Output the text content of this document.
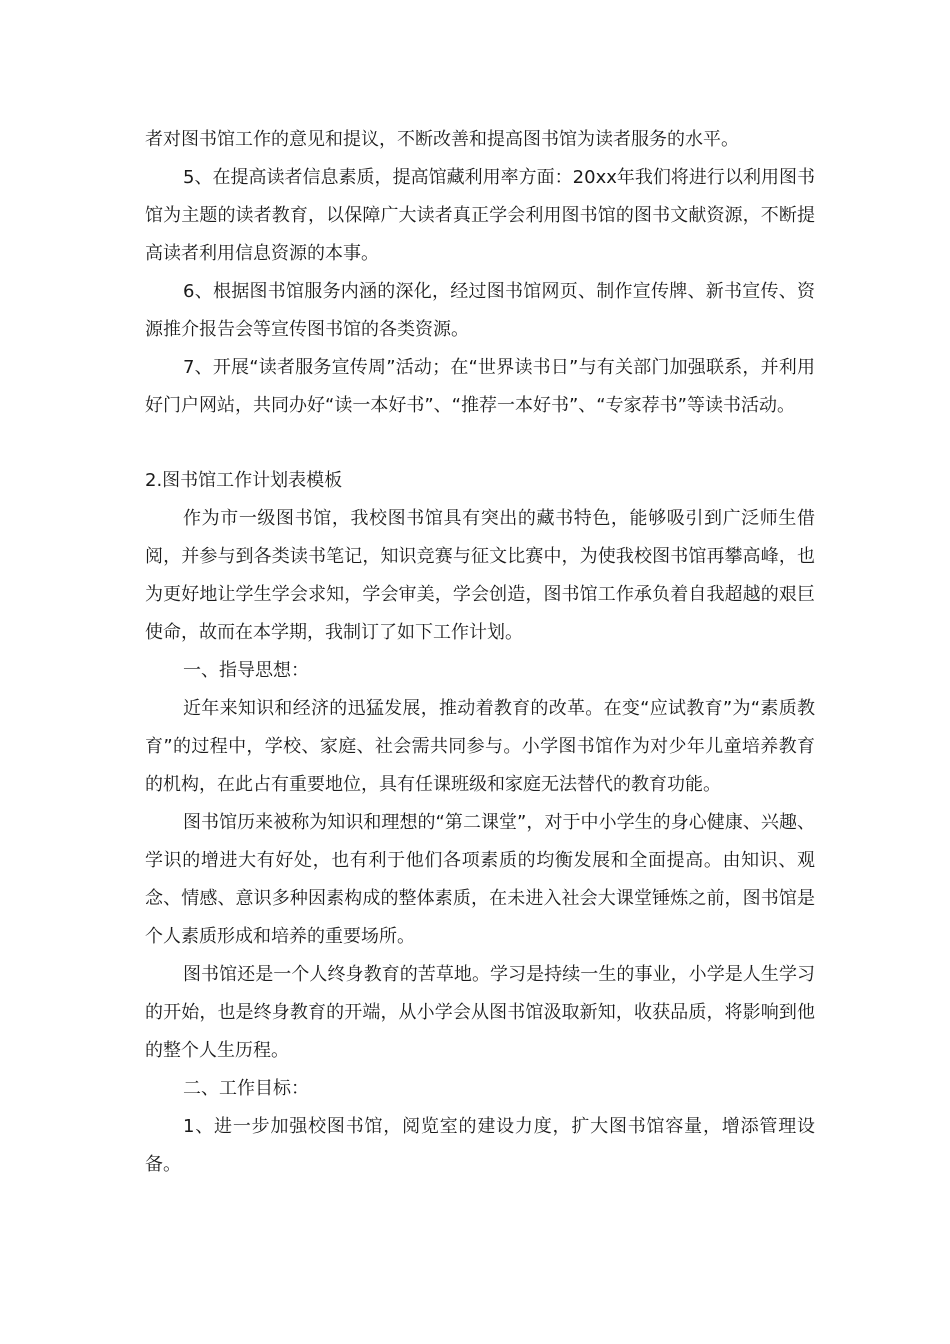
者对图书馆工作的意见和提议，不断改善和提高图书馆为读者服务的水平。

5、在提高读者信息素质，提高馆藏利用率方面：20xx年我们将进行以利用图书馆为主题的读者教育，以保障广大读者真正学会利用图书馆的图书文献资源，不断提高读者利用信息资源的本事。

6、根据图书馆服务内涵的深化，经过图书馆网页、制作宣传牌、新书宣传、资源推介报告会等宣传图书馆的各类资源。

7、开展“读者服务宣传周”活动；在“世界读书日”与有关部门加强联系，并利用好门户网站，共同办好“读一本好书”、“推荐一本好书”、“专家荐书”等读书活动。

2.图书馆工作计划表模板

作为市一级图书馆，我校图书馆具有突出的藏书特色，能够吸引到广泛师生借阅，并参与到各类读书笔记，知识竞赛与征文比赛中，为使我校图书馆再攀高峰，也为更好地让学生学会求知，学会审美，学会创造，图书馆工作承负着自我超越的艰巨使命，故而在本学期，我制订了如下工作计划。

一、指导思想：

近年来知识和经济的迅猛发展，推动着教育的改革。在变“应试教育”为“素质教育”的过程中，学校、家庭、社会需共同参与。小学图书馆作为对少年儿童培养教育的机构，在此占有重要地位，具有任课班级和家庭无法替代的教育功能。

图书馆历来被称为知识和理想的“第二课堂”，对于中小学生的身心健康、兴趣、学识的增进大有好处，也有利于他们各项素质的均衡发展和全面提高。由知识、观念、情感、意识多种因素构成的整体素质，在未进入社会大课堂锤炼之前，图书馆是个人素质形成和培养的重要场所。

图书馆还是一个人终身教育的苦草地。学习是持续一生的事业，小学是人生学习的开始，也是终身教育的开端，从小学会从图书馆汲取新知，收获品质，将影响到他的整个人生历程。

二、工作目标：

1、进一步加强校图书馆，阅览室的建设力度，扩大图书馆容量，增添管理设备。
